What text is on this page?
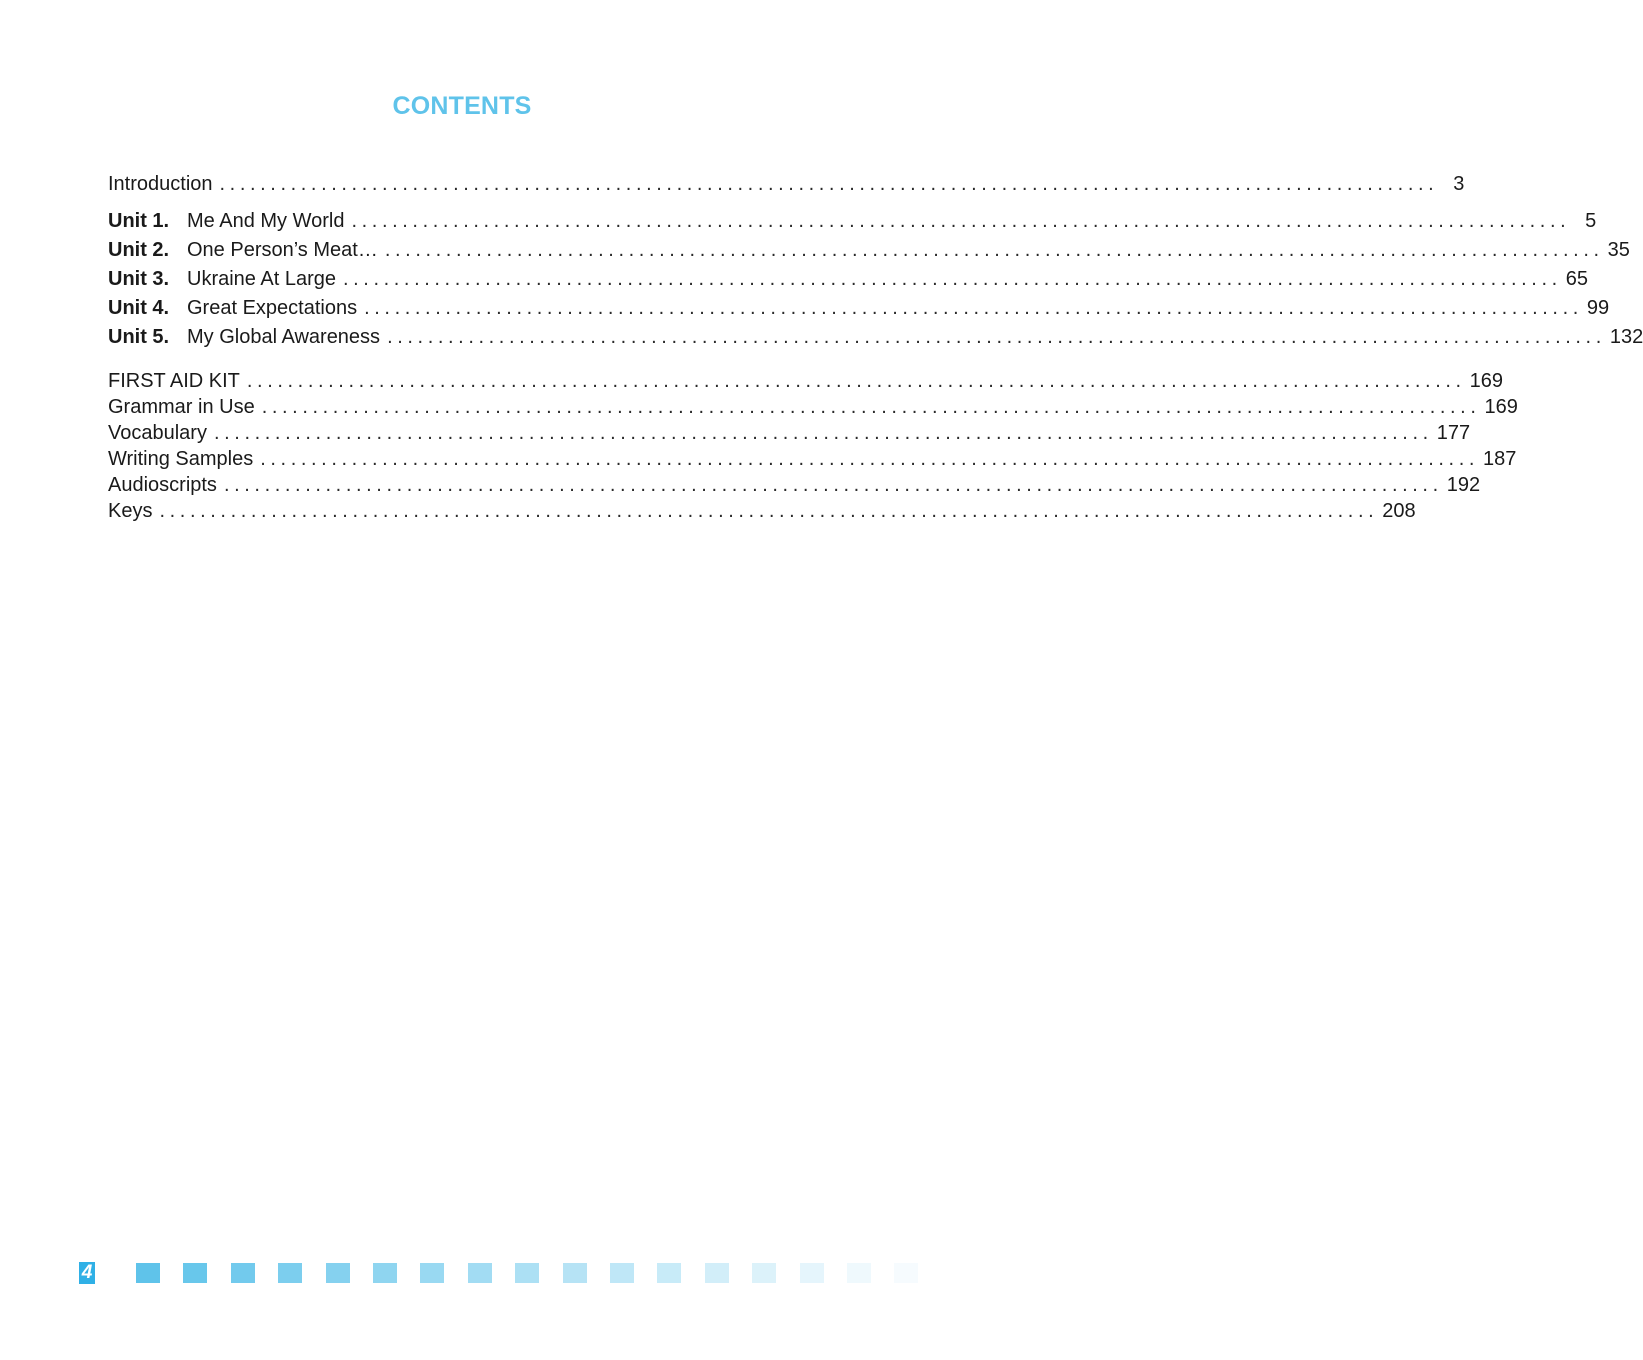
CONTENTS
Introduction ........................................................................................................................ 3
Unit 1. Me And My World ........................................................................................................................ 5
Unit 2. One Person’s Meat… ........................................................................................................................ 35
Unit 3. Ukraine At Large ........................................................................................................................ 65
Unit 4. Great Expectations ........................................................................................................................ 99
Unit 5. My Global Awareness ........................................................................................................................ 132
FIRST AID KIT ........................................................................................................................ 169
Grammar in Use ........................................................................................................................ 169
Vocabulary ........................................................................................................................ 177
Writing Samples ........................................................................................................................ 187
Audioscripts ........................................................................................................................ 192
Keys ........................................................................................................................ 208
4
